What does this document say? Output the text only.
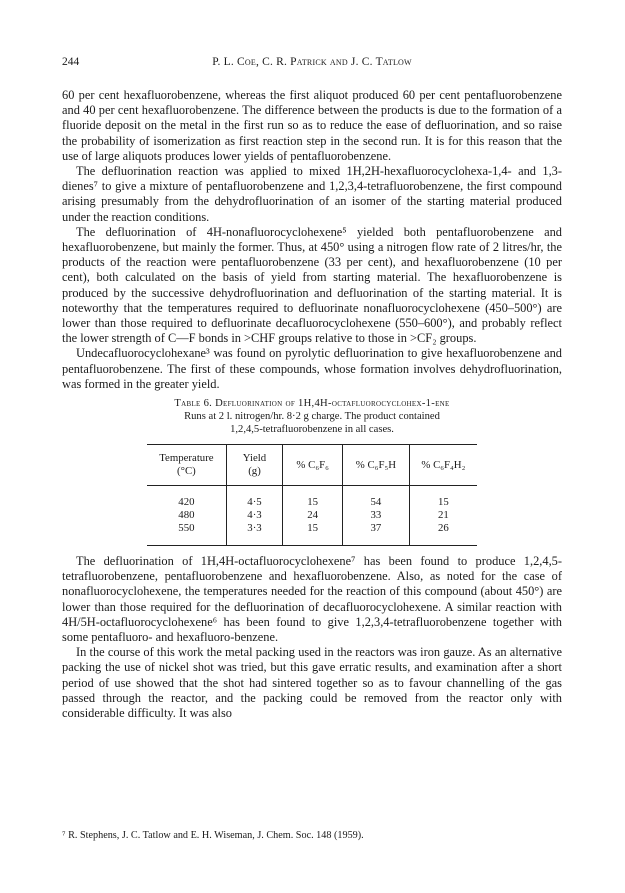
244	P. L. Coe, C. R. Patrick and J. C. Tatlow

60 per cent hexafluorobenzene, whereas the first aliquot produced 60 per cent pentafluorobenzene and 40 per cent hexafluorobenzene. The difference between the products is due to the formation of a fluoride deposit on the metal in the first run so as to reduce the ease of defluorination, and so raise the probability of isomerization as first reaction step in the second run. It is for this reason that the use of large aliquots produces lower yields of pentafluorobenzene.

The defluorination reaction was applied to mixed 1H,2H-hexafluorocyclohexa-1,4- and 1,3-dienes⁷ to give a mixture of pentafluorobenzene and 1,2,3,4-tetrafluorobenzene, the first compound arising presumably from the dehydrofluorination of an isomer of the starting material produced under the reaction conditions.

The defluorination of 4H-nonafluorocyclohexene⁵ yielded both pentafluorobenzene and hexafluorobenzene, but mainly the former. Thus, at 450° using a nitrogen flow rate of 2 litres/hr, the products of the reaction were pentafluorobenzene (33 per cent), and hexafluorobenzene (10 per cent), both calculated on the basis of yield from starting material. The hexafluorobenzene is produced by the successive dehydrofluorination and defluorination of the starting material. It is noteworthy that the temperatures required to defluorinate nonafluorocyclohexene (450–500°) are lower than those required to defluorinate decafluorocyclohexene (550–600°), and probably reflect the lower strength of C—F bonds in >CHF groups relative to those in >CF₂ groups.

Undecafluorocyclohexane³ was found on pyrolytic defluorination to give hexafluorobenzene and pentafluorobenzene. The first of these compounds, whose formation involves dehydrofluorination, was formed in the greater yield.

Table 6. Defluorination of 1H,4H-octafluorocyclohex-1-ene
Runs at 2 l. nitrogen/hr. 8·2 g charge. The product contained
1,2,4,5-tetrafluorobenzene in all cases.
Temperature (°C)	Yield (g)	% C₆F₆	% C₆F₅H	% C₆F₄H₂

420	4·5	15	54	15
480	4·3	24	33	21
550	3·3	15	37	26

The defluorination of 1H,4H-octafluorocyclohexene⁷ has been found to produce 1,2,4,5-tetrafluorobenzene, pentafluorobenzene and hexafluorobenzene. Also, as noted for the case of nonafluorocyclohexene, the temperatures needed for the reaction of this compound (about 450°) are lower than those required for the defluorination of decafluorocyclohexene. A similar reaction with 4H/5H-octafluorocyclohexene⁶ has been found to give 1,2,3,4-tetrafluorobenzene together with some pentafluoro- and hexafluoro-benzene.

In the course of this work the metal packing used in the reactors was iron gauze. As an alternative packing the use of nickel shot was tried, but this gave erratic results, and examination after a short period of use showed that the shot had sintered together so as to favour channelling of the gas passed through the reactor, and the packing could be removed from the reactor only with considerable difficulty. It was also

⁷ R. Stephens, J. C. Tatlow and E. H. Wiseman, J. Chem. Soc. 148 (1959).
